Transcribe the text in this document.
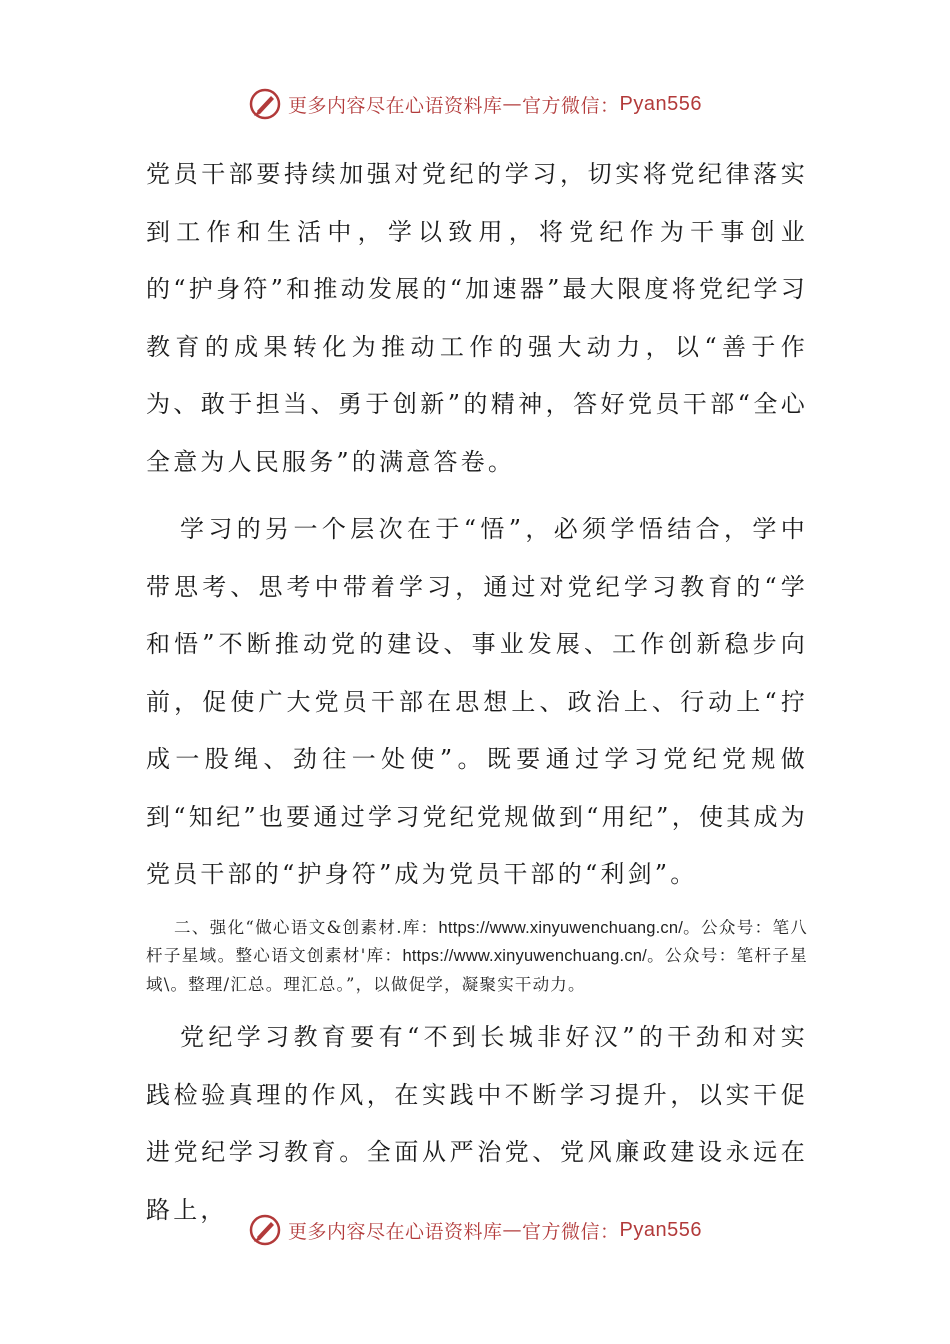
更多内容尽在心语资料库 — 官方微信： Pyan556

党员干部要持续加强对党纪的学习，切实将党纪律落实到工作和生活中，学以致用，将党纪作为干事创业的“护身符”和推动发展的“加速器”最大限度将党纪学习教育的成果转化为推动工作的强大动力，以“善于作为、敢于担当、勇于创新”的精神，答好党员干部“全心全意为人民服务”的满意答卷。

学习的另一个层次在于“悟”，必须学悟结合，学中带思考、思考中带着学习，通过对党纪学习教育的“学和悟”不断推动党的建设、事业发展、工作创新稳步向前，促使广大党员干部在思想上、政治上、行动上“拧成一股绳、劲往一处使”。既要通过学习党纪党规做到“知纪”也要通过学习党纪党规做到“用纪”，使其成为党员干部的“护身符”成为党员干部的“利剑”。

二、强化“做心语文&创素材.库：https://www.xinyuwenchuang.cn/。公众号：笔八杆子星域。整心语文创素材'库：https://www.xinyuwenchuang.cn/。公众号：笔杆子星域\。整理/汇总。理汇总。”，以做促学，凝聚实干动力。

党纪学习教育要有“不到长城非好汉”的干劲和对实践检验真理的作风，在实践中不断学习提升，以实干促进党纪学习教育。全面从严治党、党风廉政建设永远在路上，

更多内容尽在心语资料库 — 官方微信： Pyan556
